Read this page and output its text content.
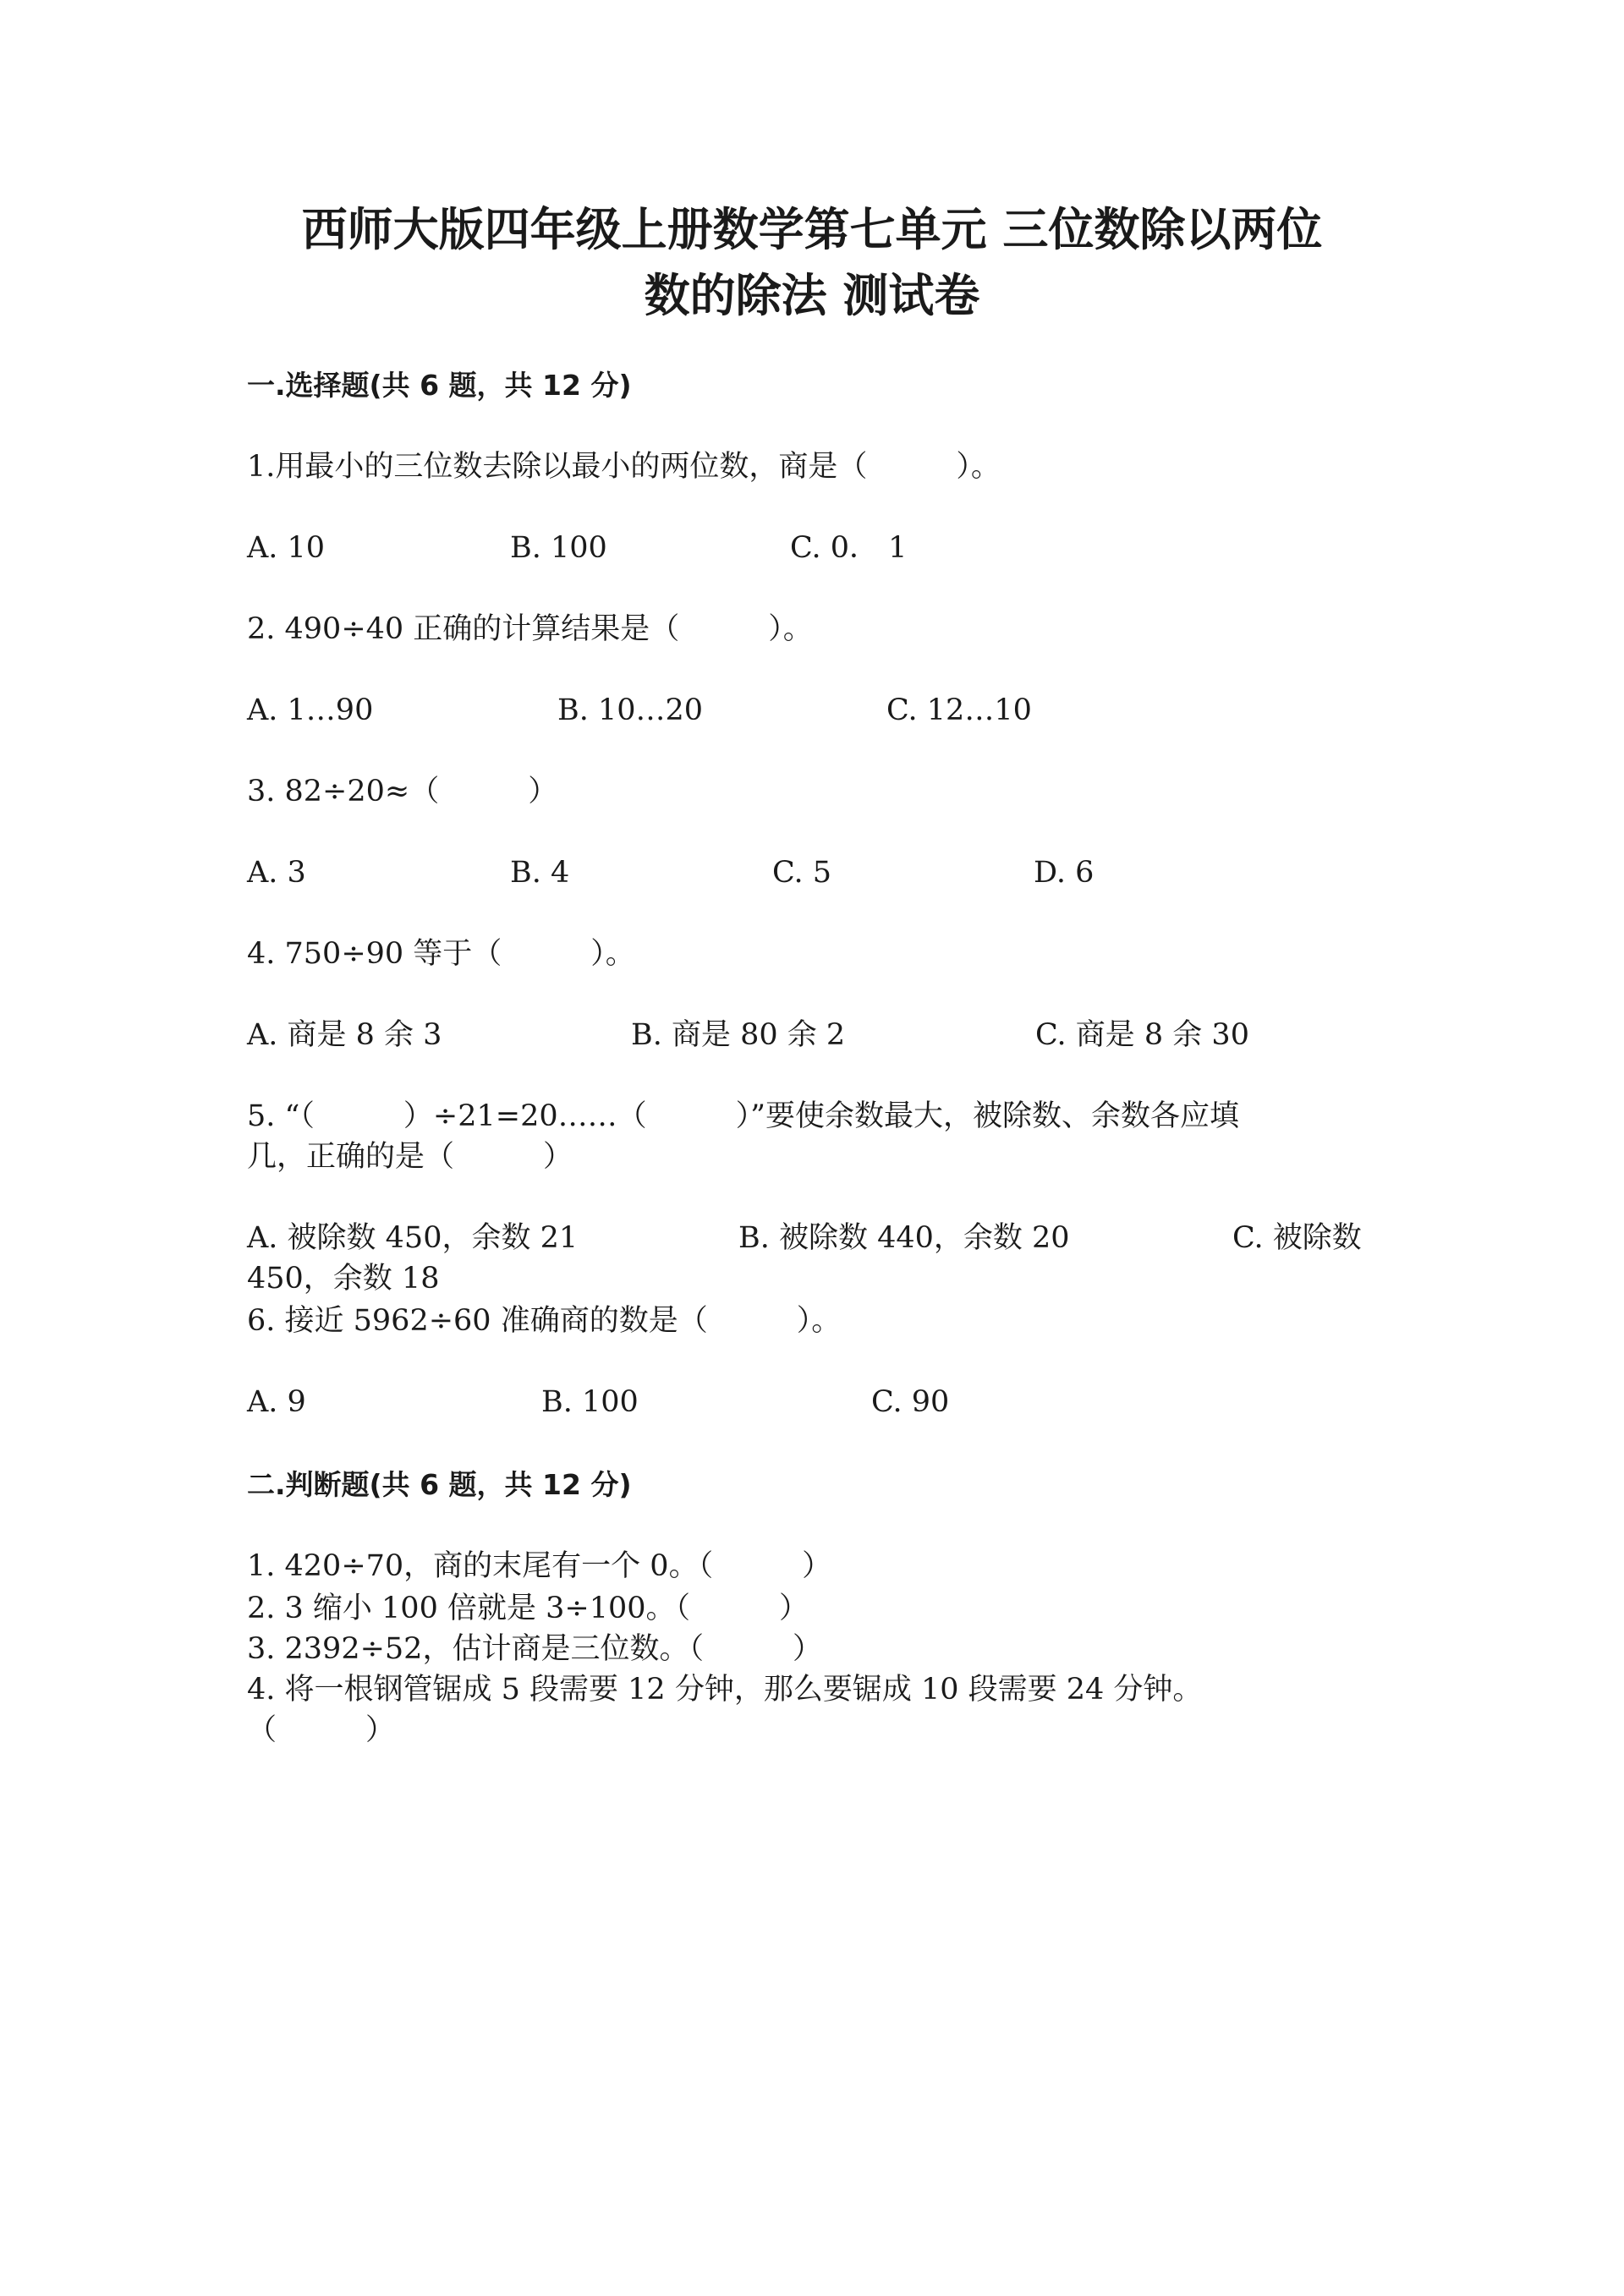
西师大版四年级上册数学第七单元 三位数除以两位
数的除法 测试卷
一.选择题(共 6 题，共 12 分)
1.用最小的三位数去除以最小的两位数，商是（　　　）。
A. 10	B. 100	C. 0． 1
2. 490÷40 正确的计算结果是（　　　）。
A. 1…90	B. 10…20	C. 12…10
3. 82÷20≈（　　　）
A. 3	B. 4	C. 5	D. 6
4. 750÷90 等于（　　　）。
A. 商是 8 余 3	B. 商是 80 余 2	C. 商是 8 余 30
5. “（　　　）÷21=20……（　　　）”要使余数最大，被除数、余数各应填
几，正确的是（　　　）
A. 被除数 450，余数 21	B. 被除数 440，余数 20	C. 被除数
450，余数 18
6. 接近 5962÷60 准确商的数是（　　　）。
A. 9	B. 100	C. 90
二.判断题(共 6 题，共 12 分)
1. 420÷70，商的末尾有一个 0。（　　　）
2. 3 缩小 100 倍就是 3÷100。（　　　）
3. 2392÷52，估计商是三位数。（　　　）
4. 将一根钢管锯成 5 段需要 12 分钟，那么要锯成 10 段需要 24 分钟。
（　　　）
